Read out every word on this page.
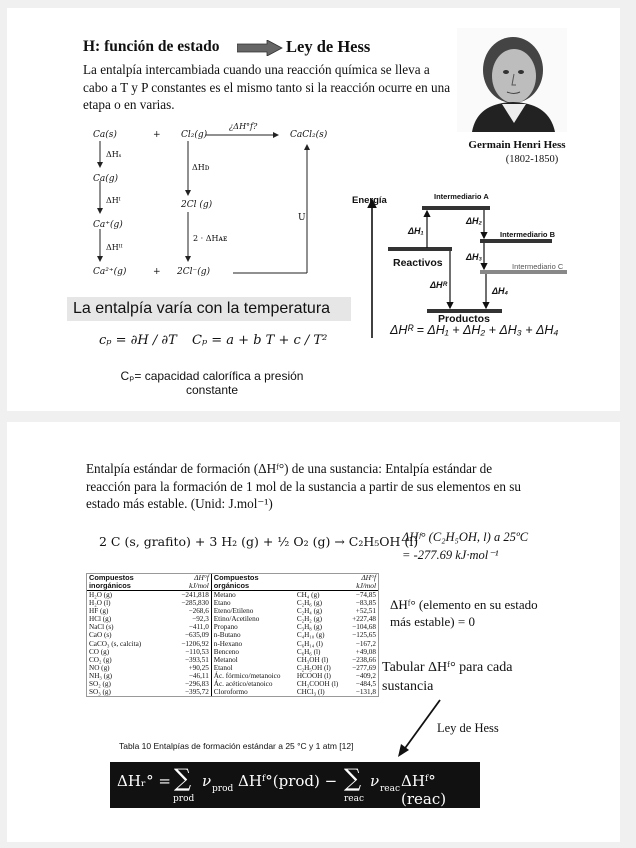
H: función de estado	Ley de Hess
La entalpía intercambiada cuando una reacción química se lleva a cabo a T y P constantes es el mismo tanto si la reacción ocurre en una etapa o en varias.
Germain Henri Hess
(1802-1850)
Ca(s)	+ Cl₂(g)
¿ΔH°f?
CaCl₂(s)
ΔHₛ
ΔHᴅ
Ca(g)
ΔHᴵ	2Cl (g)
U
Ca⁺(g)
2 · ΔHᴀᴇ
ΔHᴵᴵ
Ca²⁺(g)	+ 2Cl⁻(g)
Energía	Intermediario A
Intermediario B
Intermediario C
Reactivos
Productos
ΔH₁
ΔH₂
ΔH₃
ΔH₄
ΔHᴿ
ΔHᴿ = ΔH₁ + ΔH₂ + ΔH₃ + ΔH₄
La entalpía varía con la temperatura
cₚ = ∂H / ∂T Cₚ = a + b T + c / T²
Cₚ= capacidad calorífica a presión constante
Entalpía estándar de formación (ΔHᶠ°) de una sustancia: Entalpía estándar de reacción para la formación de 1 mol de la sustancia a partir de sus elementos en su estado más estable. (Unid: J.mol⁻¹)
2 C (s, grafito) + 3 H₂ (g) + ½ O₂ (g) → C₂H₅OH (l)
ΔHᶠ° (C₂H₅OH, l) a 25ºC
= -277.69 kJ·mol⁻¹
Compuestos inorgánicos	ΔH°f kJ/mol	Compuestos orgánicos		ΔH°f kJ/mol
H₂O (g)	−241,818	Metano	CH₄ (g)	−74,85
H₂O (l)	−285,830	Etano	C₂H₆ (g)	−83,85
HF (g)	−268,6	Eteno/Etileno	C₂H₄ (g)	+52,51
HCl (g)	−92,3	Etino/Acetileno	C₂H₂ (g)	+227,48
NaCl (s)	−411,0	Propano	C₃H₈ (g)	−104,68
CaO (s)	−635,09	n-Butano	C₄H₁₀ (g)	−125,65
CaCO₃ (s, calcita)	−1206,92	n-Hexano	C₆H₁₄ (l)	−167,2
CO (g)	−110,53	Benceno	C₆H₆ (l)	+49,08
CO₂ (g)	−393,51	Metanol	CH₃OH (l)	−238,66
NO (g)	+90,25	Etanol	C₂H₅OH (l)	−277,69
NH₃ (g)	−46,11	Ác. fórmico/metanoico	HCOOH (l)	−409,2
SO₂ (g)	−296,83	Ác. acético/etanoico	CH₃COOH (l)	−484,5
SO₃ (g)	−395,72	Cloroformo	CHCl₃ (l)	−131,8
Tabla 10 Entalpías de formación estándar a 25 °C y 1 atm [12]
ΔHᶠ° (elemento en su estado más estable) = 0
Tabular ΔHᶠ° para cada sustancia
Ley de Hess
ΔHᵣ° = ∑
prod
ν prod ΔHᶠ°(prod) − ∑
reac
ν reac ΔHᶠ°(reac)
